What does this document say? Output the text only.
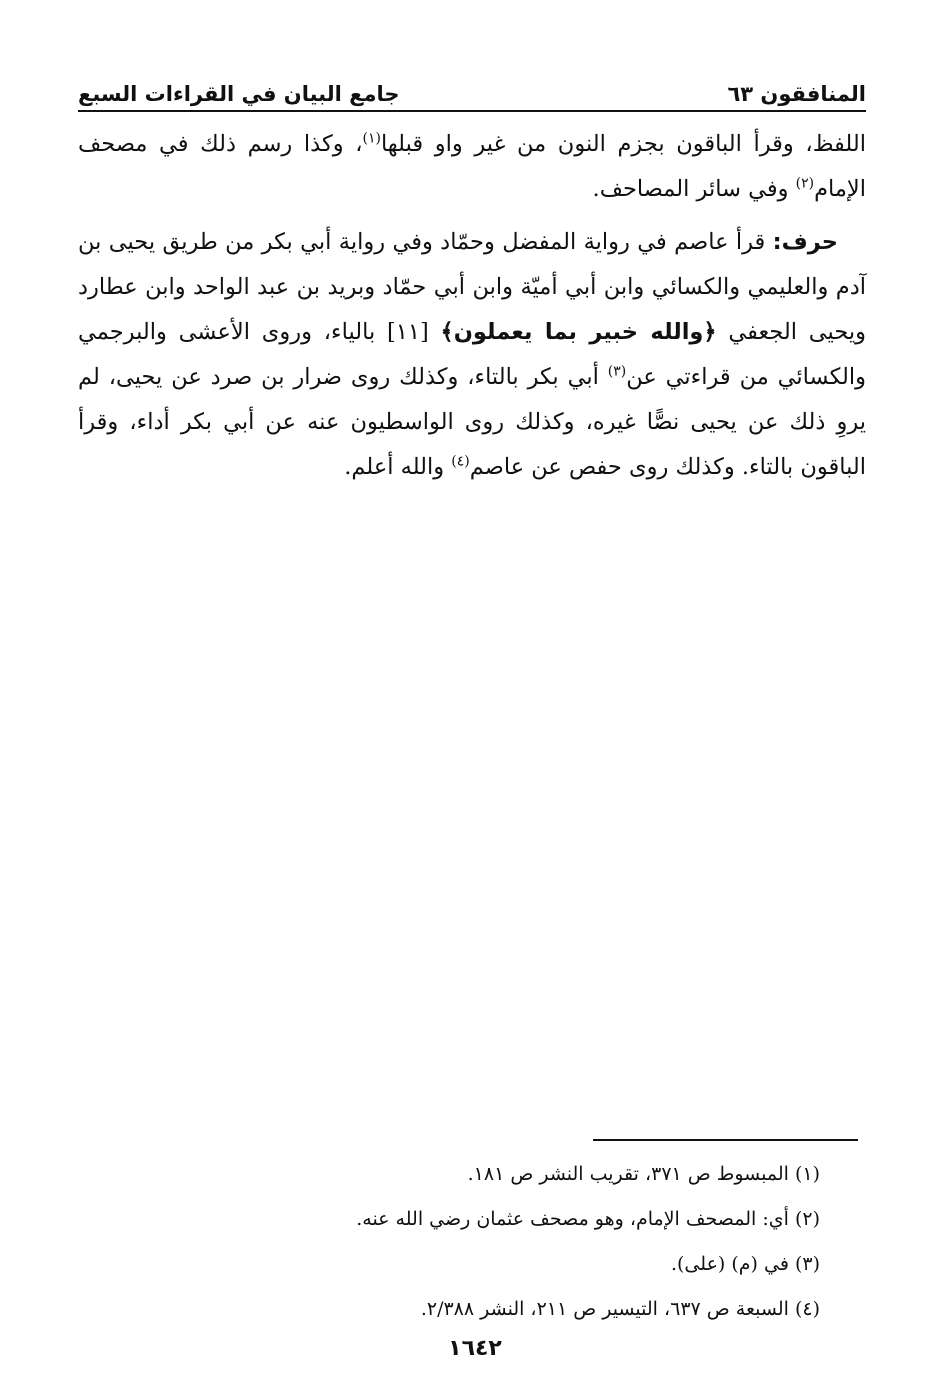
المنافقون ٦٣
جامع البيان في القراءات السبع

اللفظ، وقرأ الباقون بجزم النون من غير واو قبلها$^{(١)}$، وكذا رسم ذلك في مصحف الإمام$^{(٢)}$ وفي سائر المصاحف.

حرف: قرأ عاصم في رواية المفضل وحمّاد وفي رواية أبي بكر من طريق يحيى بن آدم والعليمي والكسائي وابن أبي أميّة وابن أبي حمّاد وبريد بن عبد الواحد وابن عطارد ويحيى الجعفي ﴿والله خبير بما يعملون﴾ [١١] بالياء، وروى الأعشى والبرجمي والكسائي من قراءتي عن$^{(٣)}$ أبي بكر بالتاء، وكذلك روى ضرار بن صرد عن يحيى، لم يروِ ذلك عن يحيى نصًّا غيره، وكذلك روى الواسطيون عنه عن أبي بكر أداء، وقرأ الباقون بالتاء. وكذلك روى حفص عن عاصم$^{(٤)}$ والله أعلم.

(١) المبسوط ص ٣٧١، تقريب النشر ص ١٨١.

(٢) أي: المصحف الإمام، وهو مصحف عثمان رضي الله عنه.

(٣) في (م) (على).

(٤) السبعة ص ٦٣٧، التيسير ص ٢١١، النشر ٢/٣٨٨.

١٦٤٢
